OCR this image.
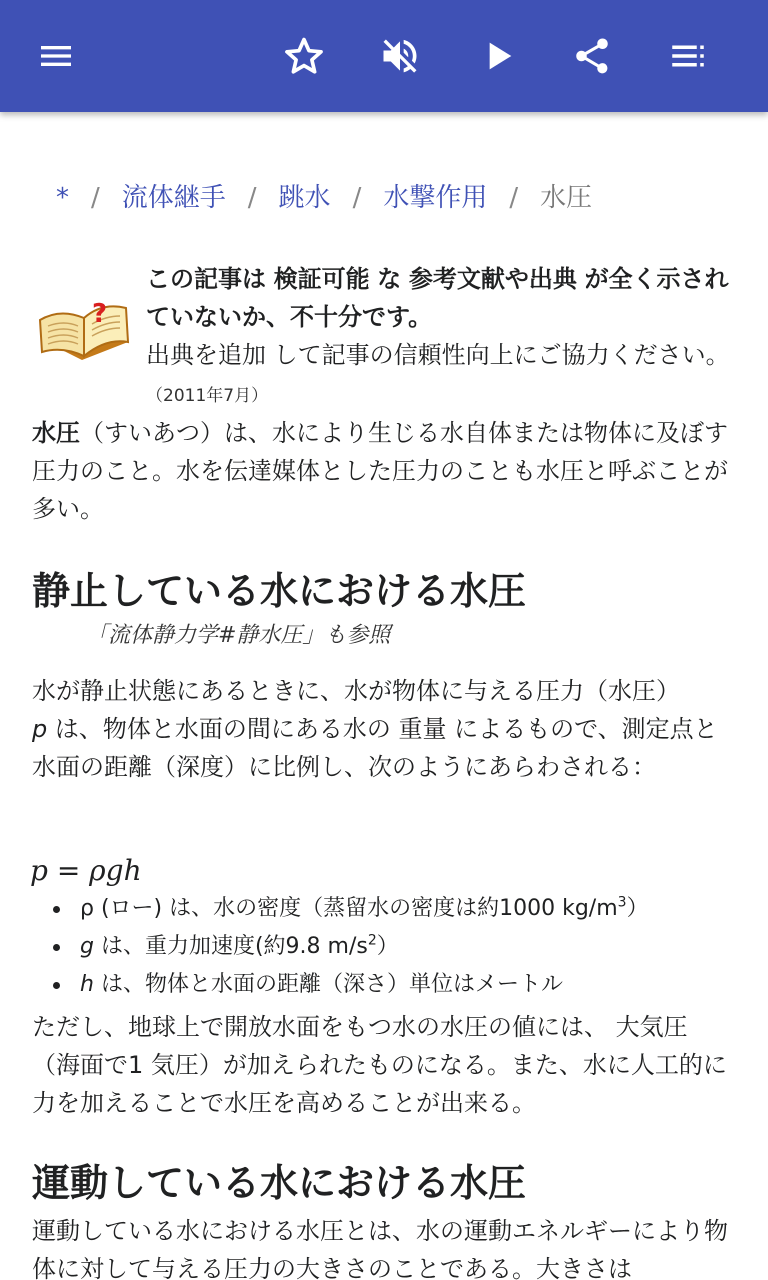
* / 流体継手 / 跳水 / 水撃作用 / 水圧
?
この記事は 検証可能 な 参考文献や出典 が全く示されていないか、不十分です。
出典を追加 して記事の信頼性向上にご協力ください。 （2011年7月）

水圧（すいあつ）は、水により生じる水自体または物体に及ぼす圧力のこと。水を伝達媒体とした圧力のことも水圧と呼ぶことが多い。

静止している水における水圧
「流体静力学#静水圧」も参照

水が静止状態にあるときに、水が物体に与える圧力（水圧）
p は、物体と水面の間にある水の 重量 によるもので、測定点と水面の距離（深度）に比例し、次のようにあらわされる：

p = ρgh
ρ (ロー) は、水の密度（蒸留水の密度は約1000 $kg/m^3$）
g は、重力加速度(約9.8 $m/s^2$）
h は、物体と水面の距離（深さ）単位はメートル

ただし、地球上で開放水面をもつ水の水圧の値には、 大気圧 （海面で1 気圧）が加えられたものになる。また、水に人工的に力を加えることで水圧を高めることが出来る。

運動している水における水圧

運動している水における水圧とは、水の運動エネルギーにより物体に対して与える圧力の大きさのことである。大きさは
